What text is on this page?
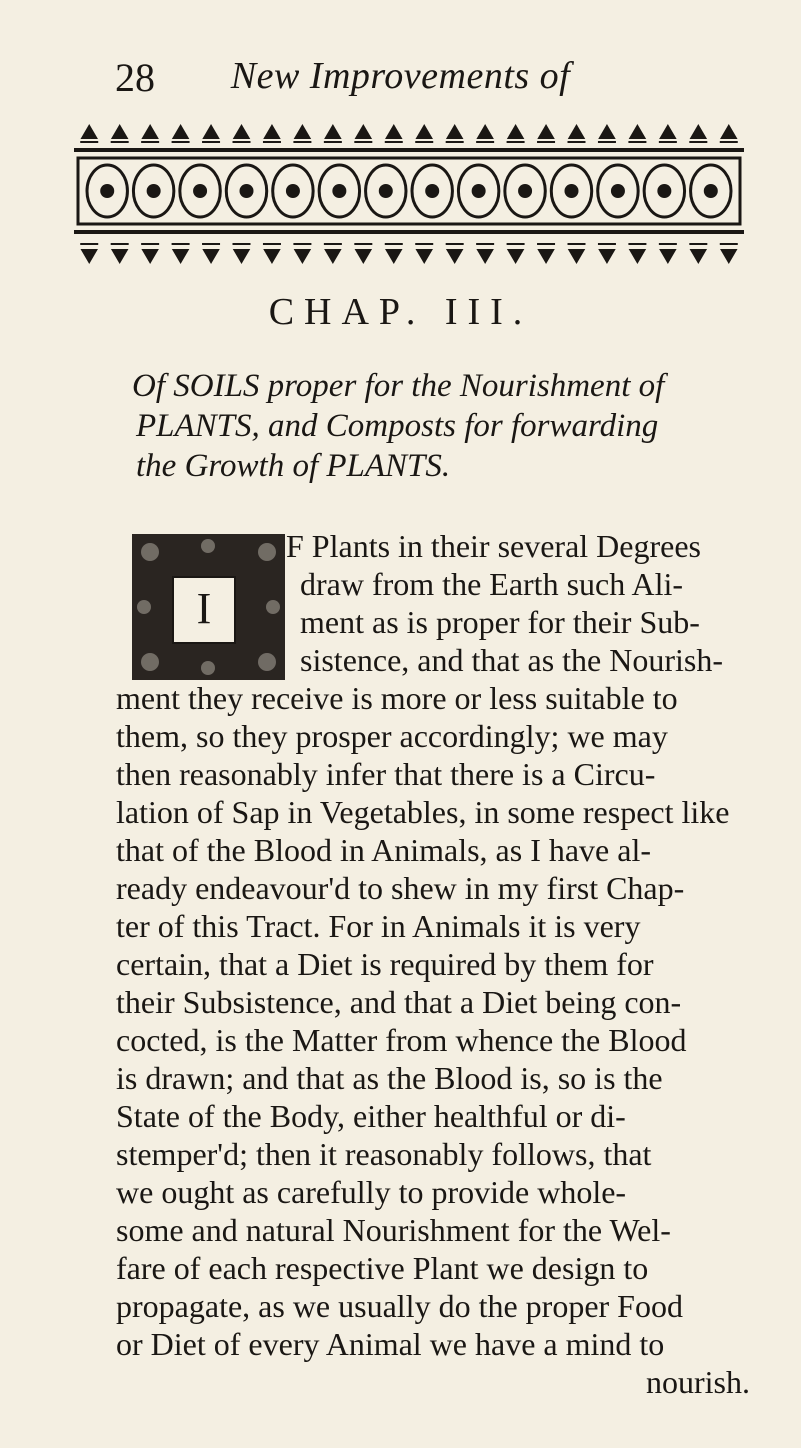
28	New Improvements of
CHAP. III.
Of SOILS proper for the Nourishment of
PLANTS, and Composts for forwarding
the Growth of PLANTS.
I
F Plants in their several Degrees
draw from the Earth such Ali-
ment as is proper for their Sub-
sistence, and that as the Nourish-
ment they receive is more or less suitable to
them, so they prosper accordingly; we may
then reasonably infer that there is a Circu-
lation of Sap in Vegetables, in some respect like
that of the Blood in Animals, as I have al-
ready endeavour'd to shew in my first Chap-
ter of this Tract. For in Animals it is very
certain, that a Diet is required by them for
their Subsistence, and that a Diet being con-
cocted, is the Matter from whence the Blood
is drawn; and that as the Blood is, so is the
State of the Body, either healthful or di-
stemper'd; then it reasonably follows, that
we ought as carefully to provide whole-
some and natural Nourishment for the Wel-
fare of each respective Plant we design to
propagate, as we usually do the proper Food
or Diet of every Animal we have a mind to
nourish.
